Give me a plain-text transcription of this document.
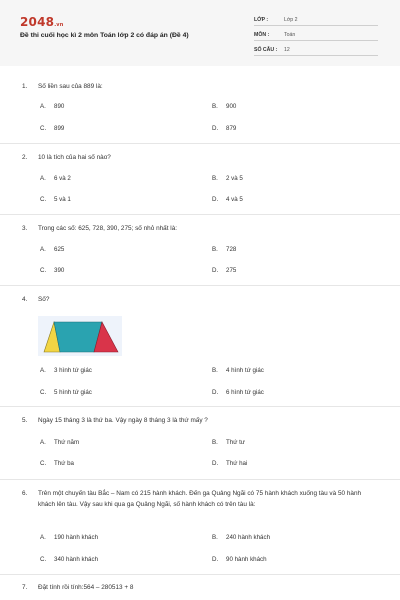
2048.vn
Đề thi cuối học kì 2 môn Toán lớp 2 có đáp án (Đề 4)
LỚP :	Lớp 2
MÔN :	Toán
SỐ CÂU : 12
1. Số liền sau của 889 là:
A. 890	B. 900
C. 899	D. 879
2. 10 là tích của hai số nào?
A. 6 và 2	B. 2 và 5
C. 5 và 1	D. 4 và 5
3. Trong các số: 625, 728, 390, 275; số nhỏ nhất là:
A. 625	B. 728
C. 390	D. 275
4. Số?
A. 3 hình tứ giác	B. 4 hình tứ giác
C. 5 hình tứ giác	D. 6 hình tứ giác
5. Ngày 15 tháng 3 là thứ ba. Vậy ngày 8 tháng 3 là thứ mấy ?
A. Thứ năm	B. Thứ tư
C. Thứ ba	D. Thứ hai
6. Trên một chuyến tàu Bắc – Nam có 215 hành khách. Đến ga Quảng Ngãi có 75 hành khách xuống tàu và 50 hành khách lên tàu. Vậy sau khi qua ga Quảng Ngãi, số hành khách có trên tàu là:
A. 190 hành khách	B. 240 hành khách
C. 340 hành khách	D. 90 hành khách
7. Đặt tính rồi tính:564 – 280513 + 8
